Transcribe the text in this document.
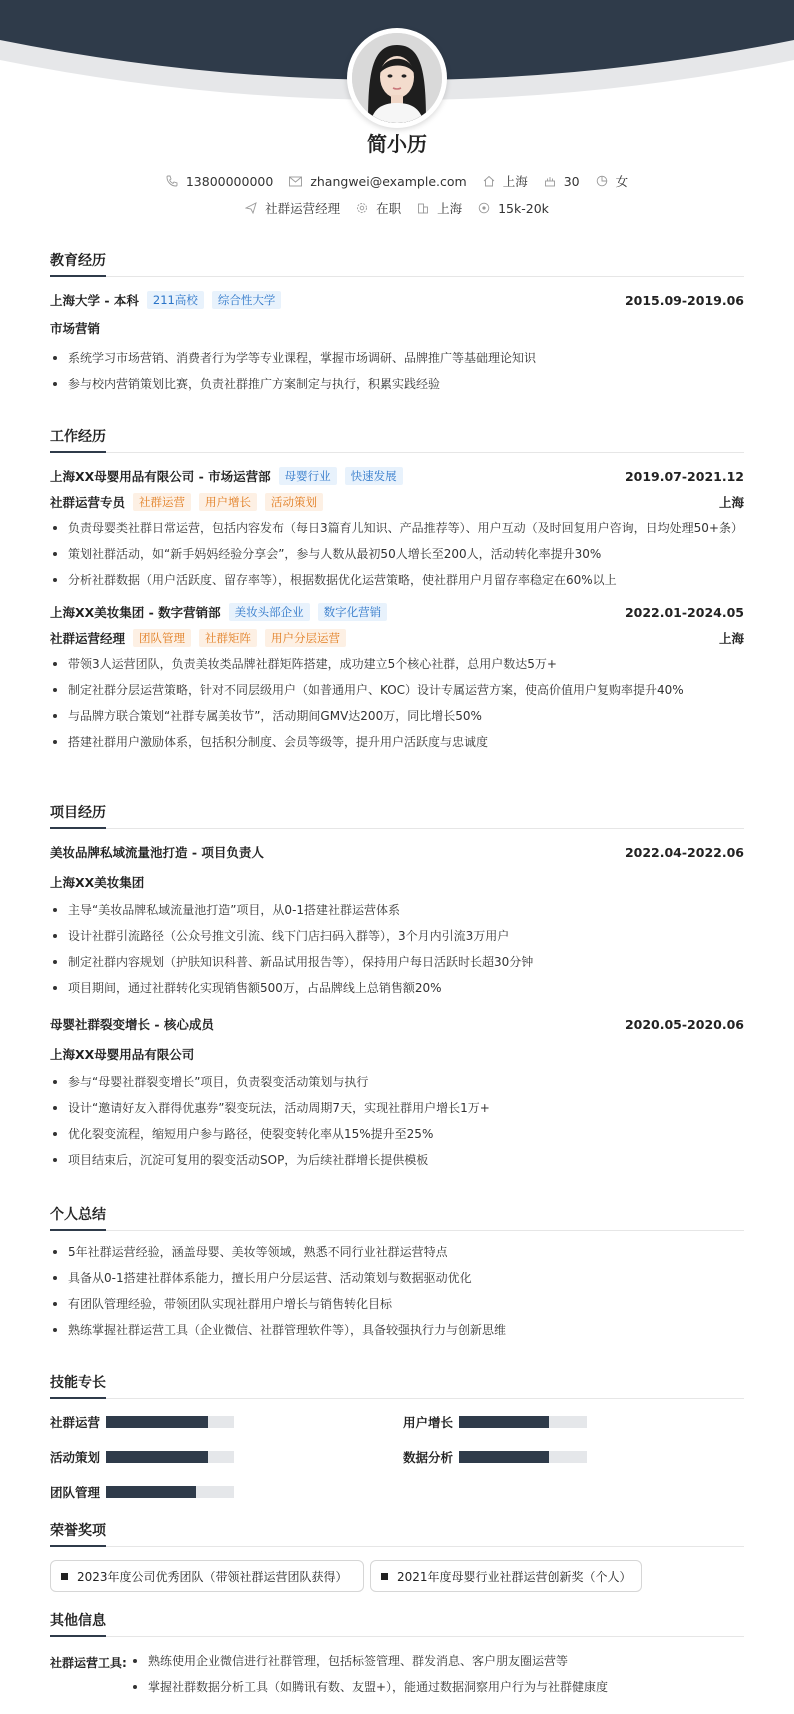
简小历
13800000000	zhangwei@example.com	上海	30	女
社群运营经理	在职	上海	15k-20k
教育经历
上海大学 - 本科	211高校	综合性大学	2015.09-2019.06
市场营销
系统学习市场营销、消费者行为学等专业课程，掌握市场调研、品牌推广等基础理论知识
参与校内营销策划比赛，负责社群推广方案制定与执行，积累实践经验
工作经历
上海XX母婴用品有限公司 - 市场运营部	母婴行业	快速发展	2019.07-2021.12
社群运营专员	社群运营	用户增长	活动策划	上海
负责母婴类社群日常运营，包括内容发布（每日3篇育儿知识、产品推荐等）、用户互动（及时回复用户咨询，日均处理50+条）
策划社群活动，如“新手妈妈经验分享会”，参与人数从最初50人增长至200人，活动转化率提升30%
分析社群数据（用户活跃度、留存率等），根据数据优化运营策略，使社群用户月留存率稳定在60%以上
上海XX美妆集团 - 数字营销部	美妆头部企业	数字化营销	2022.01-2024.05
社群运营经理	团队管理	社群矩阵	用户分层运营	上海
带领3人运营团队，负责美妆类品牌社群矩阵搭建，成功建立5个核心社群，总用户数达5万+
制定社群分层运营策略，针对不同层级用户（如普通用户、KOC）设计专属运营方案，使高价值用户复购率提升40%
与品牌方联合策划“社群专属美妆节”，活动期间GMV达200万，同比增长50%
搭建社群用户激励体系，包括积分制度、会员等级等，提升用户活跃度与忠诚度
项目经历
美妆品牌私域流量池打造 - 项目负责人	2022.04-2022.06
上海XX美妆集团
主导“美妆品牌私域流量池打造”项目，从0-1搭建社群运营体系
设计社群引流路径（公众号推文引流、线下门店扫码入群等），3个月内引流3万用户
制定社群内容规划（护肤知识科普、新品试用报告等），保持用户每日活跃时长超30分钟
项目期间，通过社群转化实现销售额500万，占品牌线上总销售额20%
母婴社群裂变增长 - 核心成员	2020.05-2020.06
上海XX母婴用品有限公司
参与“母婴社群裂变增长”项目，负责裂变活动策划与执行
设计“邀请好友入群得优惠券”裂变玩法，活动周期7天，实现社群用户增长1万+
优化裂变流程，缩短用户参与路径，使裂变转化率从15%提升至25%
项目结束后，沉淀可复用的裂变活动SOP，为后续社群增长提供模板
个人总结
5年社群运营经验，涵盖母婴、美妆等领域，熟悉不同行业社群运营特点
具备从0-1搭建社群体系能力，擅长用户分层运营、活动策划与数据驱动优化
有团队管理经验，带领团队实现社群用户增长与销售转化目标
熟练掌握社群运营工具（企业微信、社群管理软件等），具备较强执行力与创新思维
技能专长
社群运营	用户增长
活动策划	数据分析
团队管理
荣誉奖项
2023年度公司优秀团队（带领社群运营团队获得）	2021年度母婴行业社群运营创新奖（个人）
其他信息
社群运营工具:	熟练使用企业微信进行社群管理，包括标签管理、群发消息、客户朋友圈运营等
掌握社群数据分析工具（如腾讯有数、友盟+），能通过数据洞察用户行为与社群健康度
